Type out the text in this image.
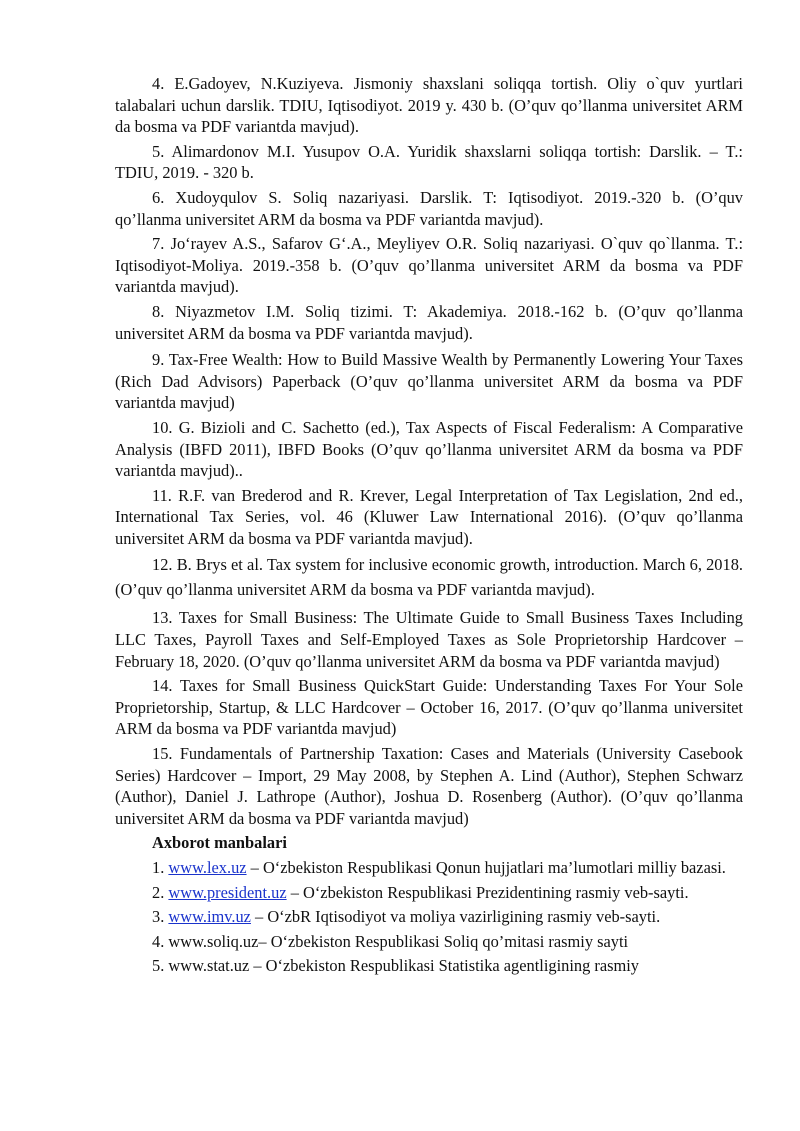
4. E.Gadoyev, N.Kuziyeva. Jismoniy shaxslani soliqqa tortish. Oliy o`quv yurtlari talabalari uchun darslik. TDIU, Iqtisodiyot. 2019 y. 430 b. (O’quv qo’llanma universitet ARM da bosma va PDF variantda mavjud).

5. Alimardonov M.I. Yusupov O.A. Yuridik shaxslarni soliqqa tortish: Darslik. – T.: TDIU, 2019. - 320 b.

6. Xudoyqulov S. Soliq nazariyasi. Darslik. T: Iqtisodiyot. 2019.-320 b. (O’quv qo’llanma universitet ARM da bosma va PDF variantda mavjud).

7. Jo‘rayev A.S., Safarov G‘.A., Meyliyev O.R. Soliq nazariyasi. O`quv qo`llanma. T.: Iqtisodiyot-Moliya. 2019.-358 b. (O’quv qo’llanma universitet ARM da bosma va PDF variantda mavjud).

8. Niyazmetov I.M. Soliq tizimi. T: Akademiya. 2018.-162 b. (O’quv qo’llanma universitet ARM da bosma va PDF variantda mavjud).

9. Tax-Free Wealth: How to Build Massive Wealth by Permanently Lowering Your Taxes (Rich Dad Advisors) Paperback (O’quv qo’llanma universitet ARM da bosma va PDF variantda mavjud)

10. G. Bizioli and C. Sachetto (ed.), Tax Aspects of Fiscal Federalism: A Comparative Analysis (IBFD 2011), IBFD Books (O’quv qo’llanma universitet ARM da bosma va PDF variantda mavjud)..

11. R.F. van Brederod and R. Krever, Legal Interpretation of Tax Legislation, 2nd ed., International Tax Series, vol. 46 (Kluwer Law International 2016). (O’quv qo’llanma universitet ARM da bosma va PDF variantda mavjud).

12. B. Brys et al. Tax system for inclusive economic growth, introduction. March 6, 2018. (O’quv qo’llanma universitet ARM da bosma va PDF variantda mavjud).

13. Taxes for Small Business: The Ultimate Guide to Small Business Taxes Including LLC Taxes, Payroll Taxes and Self-Employed Taxes as Sole Proprietorship Hardcover – February 18, 2020. (O’quv qo’llanma universitet ARM da bosma va PDF variantda mavjud)

14. Taxes for Small Business QuickStart Guide: Understanding Taxes For Your Sole Proprietorship, Startup, & LLC Hardcover – October 16, 2017. (O’quv qo’llanma universitet ARM da bosma va PDF variantda mavjud)

15. Fundamentals of Partnership Taxation: Cases and Materials (University Casebook Series) Hardcover – Import, 29 May 2008, by Stephen A. Lind (Author), Stephen Schwarz (Author), Daniel J. Lathrope (Author), Joshua D. Rosenberg (Author). (O’quv qo’llanma universitet ARM da bosma va PDF variantda mavjud)

Axborot manbalari

1. www.lex.uz – O‘zbekiston Respublikasi Qonun hujjatlari ma’lumotlari milliy bazasi.

2. www.president.uz – O‘zbekiston Respublikasi Prezidentining rasmiy veb-sayti.

3. www.imv.uz – O‘zbR Iqtisodiyot va moliya vazirligining rasmiy veb-sayti.

4. www.soliq.uz– O‘zbekiston Respublikasi Soliq qo’mitasi rasmiy sayti

5. www.stat.uz – O‘zbekiston Respublikasi Statistika agentligining rasmiy
